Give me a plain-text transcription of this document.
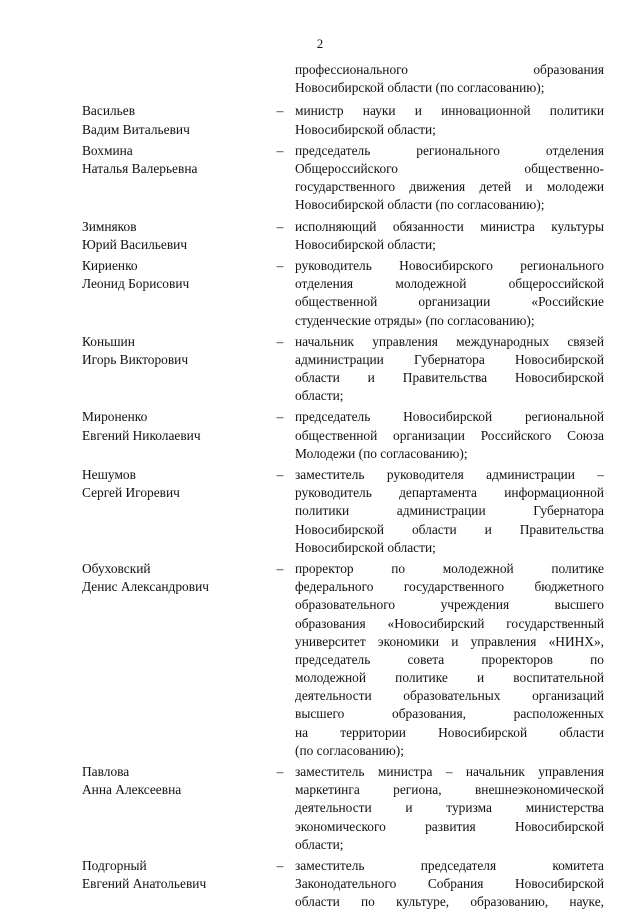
2
профессионального образования
Новосибирской области (по согласованию);
Васильев
Вадим Витальевич
– министр науки и инновационной политики
Новосибирской области;
Вохмина
Наталья Валерьевна
– председатель регионального отделения
Общероссийского общественно-
государственного движения детей и молодежи
Новосибирской области (по согласованию);
Зимняков
Юрий Васильевич
– исполняющий обязанности министра культуры
Новосибирской области;
Кириенко
Леонид Борисович
– руководитель Новосибирского регионального
отделения молодежной общероссийской
общественной организации «Российские
студенческие отряды» (по согласованию);
Коньшин
Игорь Викторович
– начальник управления международных связей
администрации Губернатора Новосибирской
области и Правительства Новосибирской
области;
Мироненко
Евгений Николаевич
– председатель Новосибирской региональной
общественной организации Российского Союза
Молодежи (по согласованию);
Нешумов
Сергей Игоревич
– заместитель руководителя администрации –
руководитель департамента информационной
политики администрации Губернатора
Новосибирской области и Правительства
Новосибирской области;
Обуховский
Денис Александрович
– проректор по молодежной политике
федерального государственного бюджетного
образовательного учреждения высшего
образования «Новосибирский государственный
университет экономики и управления «НИНХ»,
председатель совета проректоров по
молодежной политике и воспитательной
деятельности образовательных организаций
высшего образования, расположенных
на территории Новосибирской области
(по согласованию);
Павлова
Анна Алексеевна
– заместитель министра – начальник управления
маркетинга региона, внешнеэкономической
деятельности и туризма министерства
экономического развития Новосибирской
области;
Подгорный
Евгений Анатольевич
– заместитель председателя комитета
Законодательного Собрания Новосибирской
области по культуре, образованию, науке,
